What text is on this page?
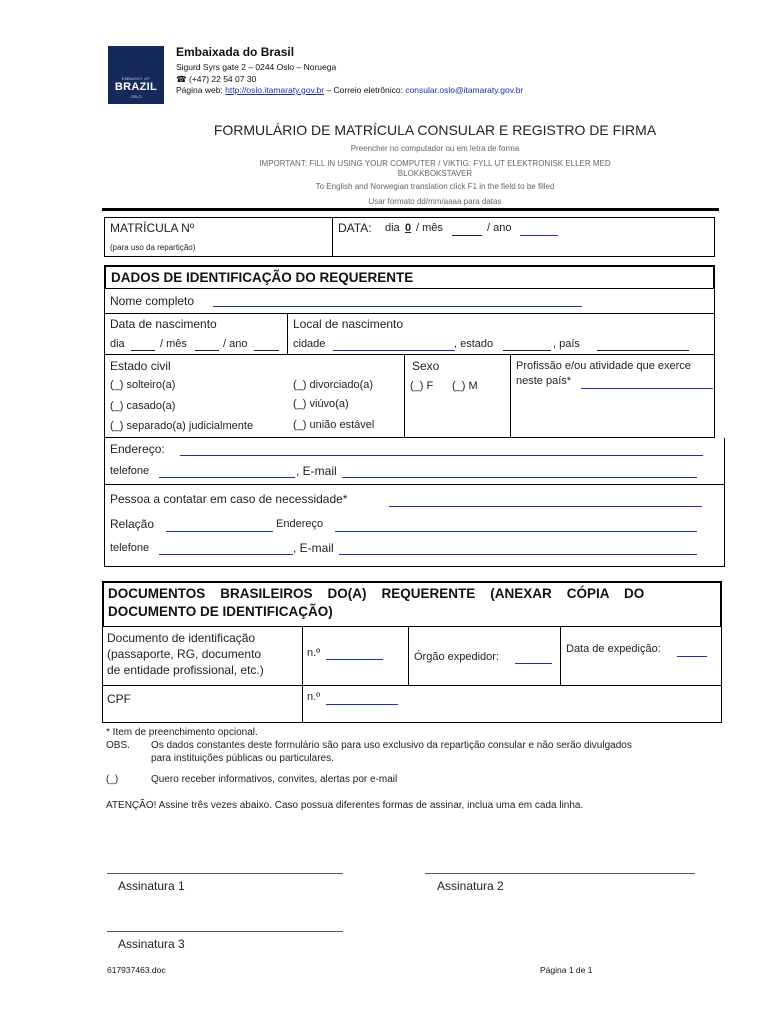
EMBASSY OF
BRAZIL
OSLO
Embaixada do Brasil
Sigurd Syrs gate 2 – 0244 Oslo – Noruega
☎ (+47) 22 54 07 30
Página web: http://oslo.itamaraty.gov.br – Correio eletrônico: consular.oslo@itamaraty.gov.br
FORMULÁRIO DE MATRÍCULA CONSULAR E REGISTRO DE FIRMA
Preencher no computador ou em letra de forma
IMPORTANT: FILL IN USING YOUR COMPUTER / VIKTIG: FYLL UT ELEKTRONISK ELLER MED
BLOKKBOKSTAVER
To English and Norwegian translation click F1 in the field to be filled
Usar formato dd/mm/aaaa para datas
MATRÍCULA Nº
(para uso da repartição)
DATA: dia 0 / mês	/ ano
DADOS DE IDENTIFICAÇÃO DO REQUERENTE
Nome completo
Data de nascimento
dia	/ mês	/ ano
Local de nascimento
cidade	, estado	, país
Estado civil
(_) solteiro(a)
(_) casado(a)
(_) separado(a) judicialmente
(_) divorciado(a)
(_) viúvo(a)
(_) união estável
Sexo
(_) F (_) M
Profissão e/ou atividade que exerce
neste país*
Endereço:
telefone	, E-mail
Pessoa a contatar em caso de necessidade*
Relação	Endereço
telefone	, E-mail
DOCUMENTOS    BRASILEIROS    DO(A)    REQUERENTE    (ANEXAR    CÓPIA    DO
DOCUMENTO DE IDENTIFICAÇÃO)
Documento de identificação
(passaporte, RG, documento
de entidade profissional, etc.)
n.º	Órgão expedidor:
Data de expedição:
CPF	n.º
* Item de preenchimento opcional.
OBS. Os dados constantes deste formulário são para uso exclusivo da repartição consular e não serão divulgados
para instituições públicas ou particulares.
(_)	Quero receber informativos, convites, alertas por e-mail
ATENÇÃO! Assine três vezes abaixo. Caso possua diferentes formas de assinar, inclua uma em cada linha.
Assinatura 1	Assinatura 2
Assinatura 3
617937463.doc	Página 1 de 1
